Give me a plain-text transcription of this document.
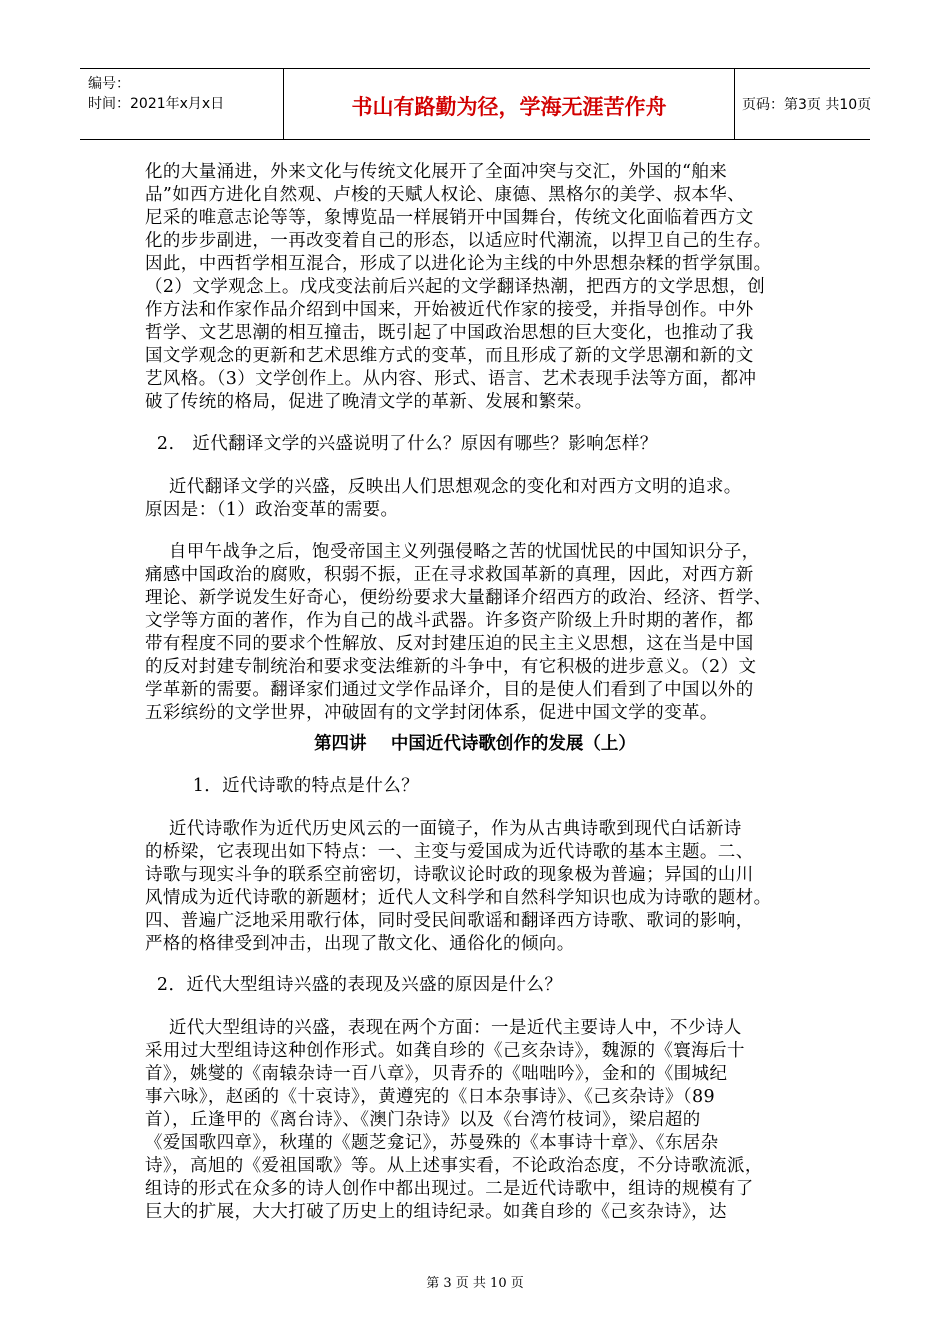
编号：
时间：2021年x月x日	书山有路勤为径，学海无涯苦作舟	页码：第3页 共10页
化的大量涌进，外来文化与传统文化展开了全面冲突与交汇，外国的“舶来
品”如西方进化自然观、卢梭的天赋人权论、康德、黑格尔的美学、叔本华、
尼采的唯意志论等等，象博览品一样展销开中国舞台，传统文化面临着西方文
化的步步副进，一再改变着自己的形态，以适应时代潮流，以捍卫自己的生存。
因此，中西哲学相互混合，形成了以进化论为主线的中外思想杂糅的哲学氛围。
（2）文学观念上。戊戌变法前后兴起的文学翻译热潮，把西方的文学思想，创
作方法和作家作品介绍到中国来，开始被近代作家的接受，并指导创作。中外
哲学、文艺思潮的相互撞击，既引起了中国政治思想的巨大变化，也推动了我
国文学观念的更新和艺术思维方式的变革，而且形成了新的文学思潮和新的文
艺风格。（3）文学创作上。从内容、形式、语言、艺术表现手法等方面，都冲
破了传统的格局，促进了晚清文学的革新、发展和繁荣。
2.   近代翻译文学的兴盛说明了什么？原因有哪些？影响怎样？
近代翻译文学的兴盛，反映出人们思想观念的变化和对西方文明的追求。
原因是：（1）政治变革的需要。
自甲午战争之后，饱受帝国主义列强侵略之苦的忧国忧民的中国知识分子，
痛感中国政治的腐败，积弱不振，正在寻求救国革新的真理，因此，对西方新
理论、新学说发生好奇心，便纷纷要求大量翻译介绍西方的政治、经济、哲学、
文学等方面的著作，作为自己的战斗武器。许多资产阶级上升时期的著作，都
带有程度不同的要求个性解放、反对封建压迫的民主主义思想，这在当是中国
的反对封建专制统治和要求变法维新的斗争中，有它积极的进步意义。（2）文
学革新的需要。翻译家们通过文学作品译介，目的是使人们看到了中国以外的
五彩缤纷的文学世界，冲破固有的文学封闭体系，促进中国文学的变革。
第四讲    中国近代诗歌创作的发展（上）
1．近代诗歌的特点是什么？
近代诗歌作为近代历史风云的一面镜子，作为从古典诗歌到现代白话新诗
的桥梁，它表现出如下特点：一、主变与爱国成为近代诗歌的基本主题。二、
诗歌与现实斗争的联系空前密切，诗歌议论时政的现象极为普遍；异国的山川
风情成为近代诗歌的新题材；近代人文科学和自然科学知识也成为诗歌的题材。
四、普遍广泛地采用歌行体，同时受民间歌谣和翻译西方诗歌、歌词的影响，
严格的格律受到冲击，出现了散文化、通俗化的倾向。
2．近代大型组诗兴盛的表现及兴盛的原因是什么？
近代大型组诗的兴盛，表现在两个方面：一是近代主要诗人中，不少诗人
采用过大型组诗这种创作形式。如龚自珍的《己亥杂诗》，魏源的《寰海后十
首》，姚燮的《南辕杂诗一百八章》，贝青乔的《咄咄吟》，金和的《围城纪
事六咏》，赵函的《十哀诗》，黄遵宪的《日本杂事诗》、《己亥杂诗》（89
首），丘逢甲的《离台诗》、《澳门杂诗》以及《台湾竹枝词》，梁启超的
《爱国歌四章》，秋瑾的《题芝龛记》，苏曼殊的《本事诗十章》、《东居杂
诗》，高旭的《爱祖国歌》等。从上述事实看，不论政治态度，不分诗歌流派，
组诗的形式在众多的诗人创作中都出现过。二是近代诗歌中，组诗的规模有了
巨大的扩展，大大打破了历史上的组诗纪录。如龚自珍的《己亥杂诗》，达
第 3 页 共 10 页
